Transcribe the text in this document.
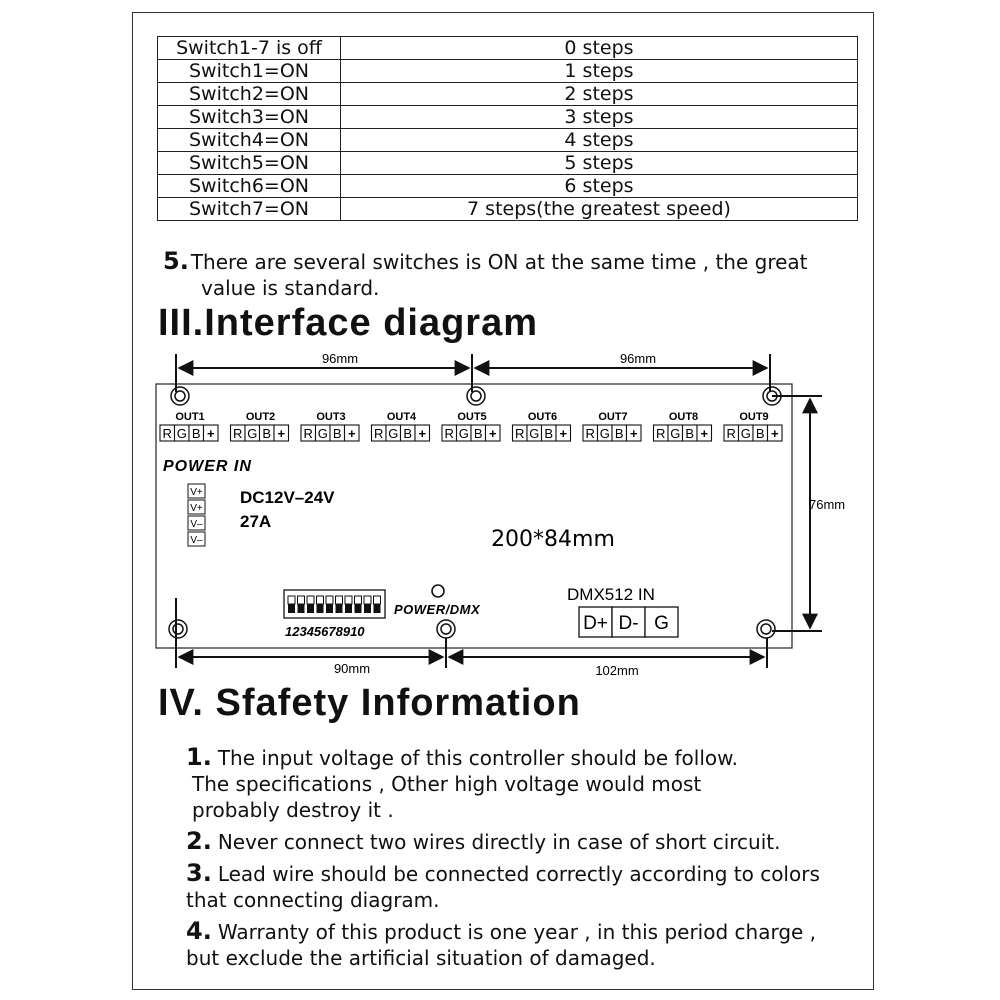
Switch1-7 is off	0 steps
Switch1=ON	1 steps
Switch2=ON	2 steps
Switch3=ON	3 steps
Switch4=ON	4 steps
Switch5=ON	5 steps
Switch6=ON	6 steps
Switch7=ON	7 steps(the greatest speed)
5. There are several switches is ON at the same time , the great
value is standard.
III.Interface diagram
96mm	96mm
76mm
90mm	102mm
OUT1
R G B +
OUT2
R G B +
OUT3
R G B +
OUT4
R G B +
OUT5
R G B +
OUT6
R G B +
OUT7
R G B +
OUT8
R G B +
OUT9
R G B +
POWER IN
V+
V+
V–
V–
DC12V–24V
27A
200*84mm
12345678910
POWER/DMX
DMX512 IN
D+ D- G
IV. Sfafety Information
1. The input voltage of this controller should be follow.
The specifications , Other high voltage would most
probably destroy it .
2. Never connect two wires directly in case of short circuit.
3. Lead wire should be connected correctly according to colors
that connecting diagram.
4. Warranty of this product is one year , in this period charge ,
but exclude the artificial situation of damaged.
